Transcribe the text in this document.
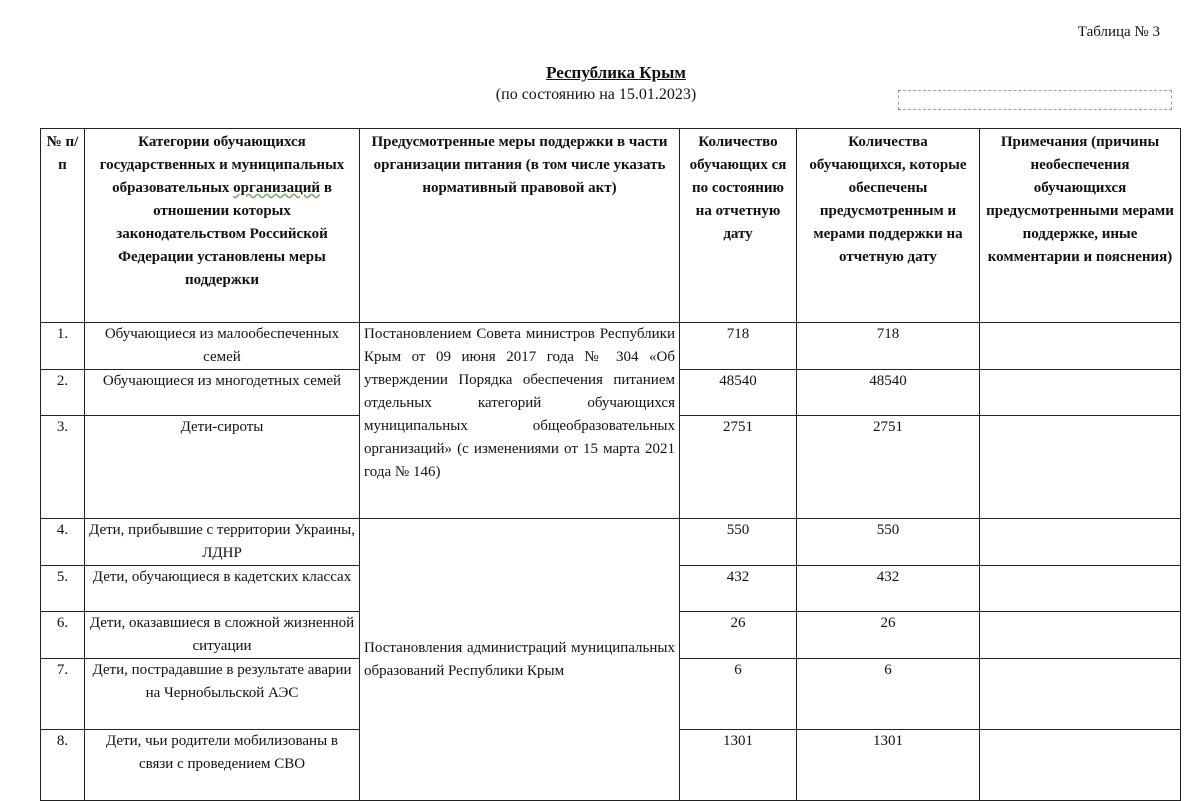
Таблица № 3
Республика Крым
(по состоянию на 15.01.2023)
№ п/п	Категории обучающихся государственных и муниципальных образовательных организаций в отношении которых законодательством Российской Федерации установлены меры поддержки	Предусмотренные меры поддержки в части организации питания (в том числе указать нормативный правовой акт)	Количество обучающих ся по состоянию на отчетную дату	Количества обучающихся, которые обеспечены предусмотренным и мерами поддержки на отчетную дату	Примечания (причины необеспечения обучающихся предусмотренными мерами поддержке, иные комментарии и пояснения)
1.	Обучающиеся из малообеспеченных семей	Постановлением Совета министров Республики Крым от 09 июня 2017 года № 304 «Об утверждении Порядка обеспечения питанием отдельных категорий обучающихся муниципальных общеобразовательных организаций» (с изменениями от 15 марта 2021 года № 146)	718	718	
2.	Обучающиеся из многодетных семей		48540	48540	
3.	Дети-сироты		2751	2751	
4.	Дети, прибывшие с территории Украины, ЛДНР	Постановления администраций муниципальных образований Республики Крым	550	550	
5.	Дети, обучающиеся в кадетских классах		432	432	
6.	Дети, оказавшиеся в сложной жизненной ситуации		26	26	
7.	Дети, пострадавшие в результате аварии на Чернобыльской АЭС		6	6	
8.	Дети, чьи родители мобилизованы в связи с проведением СВО		1301	1301	
